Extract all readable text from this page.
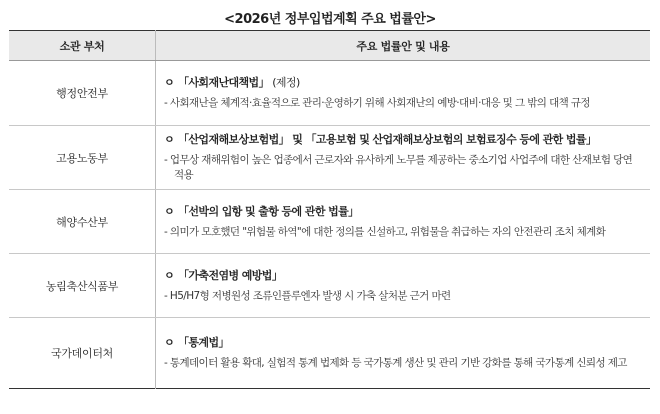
<2026년 정부입법계획 주요 법률안>
소관 부처	주요 법률안 및 내용
행정안전부	ㅇ 「사회재난대책법」 (제정)
- 사회재난을 체계적·효율적으로 관리·운영하기 위해 사회재난의 예방·대비·대응 및 그 밖의 대책 규정

고용노동부	ㅇ 「산업재해보상보험법」 및 「고용보험 및 산업재해보상보험의 보험료징수 등에 관한 법률」
- 업무상 재해위험이 높은 업종에서 근로자와 유사하게 노무를 제공하는 중소기업 사업주에 대한 산재보험 당연 적용

해양수산부	ㅇ 「선박의 입항 및 출항 등에 관한 법률」
- 의미가 모호했던 "위험물 하역"에 대한 정의를 신설하고, 위험물을 취급하는 자의 안전관리 조치 체계화

농림축산식품부	ㅇ 「가축전염병 예방법」
- H5/H7형 저병원성 조류인플루엔자 발생 시 가축 살처분 근거 마련

국가데이터처	ㅇ 「통계법」
- 통계데이터 활용 확대, 실험적 통계 법제화 등 국가통계 생산 및 관리 기반 강화를 통해 국가통계 신뢰성 제고
